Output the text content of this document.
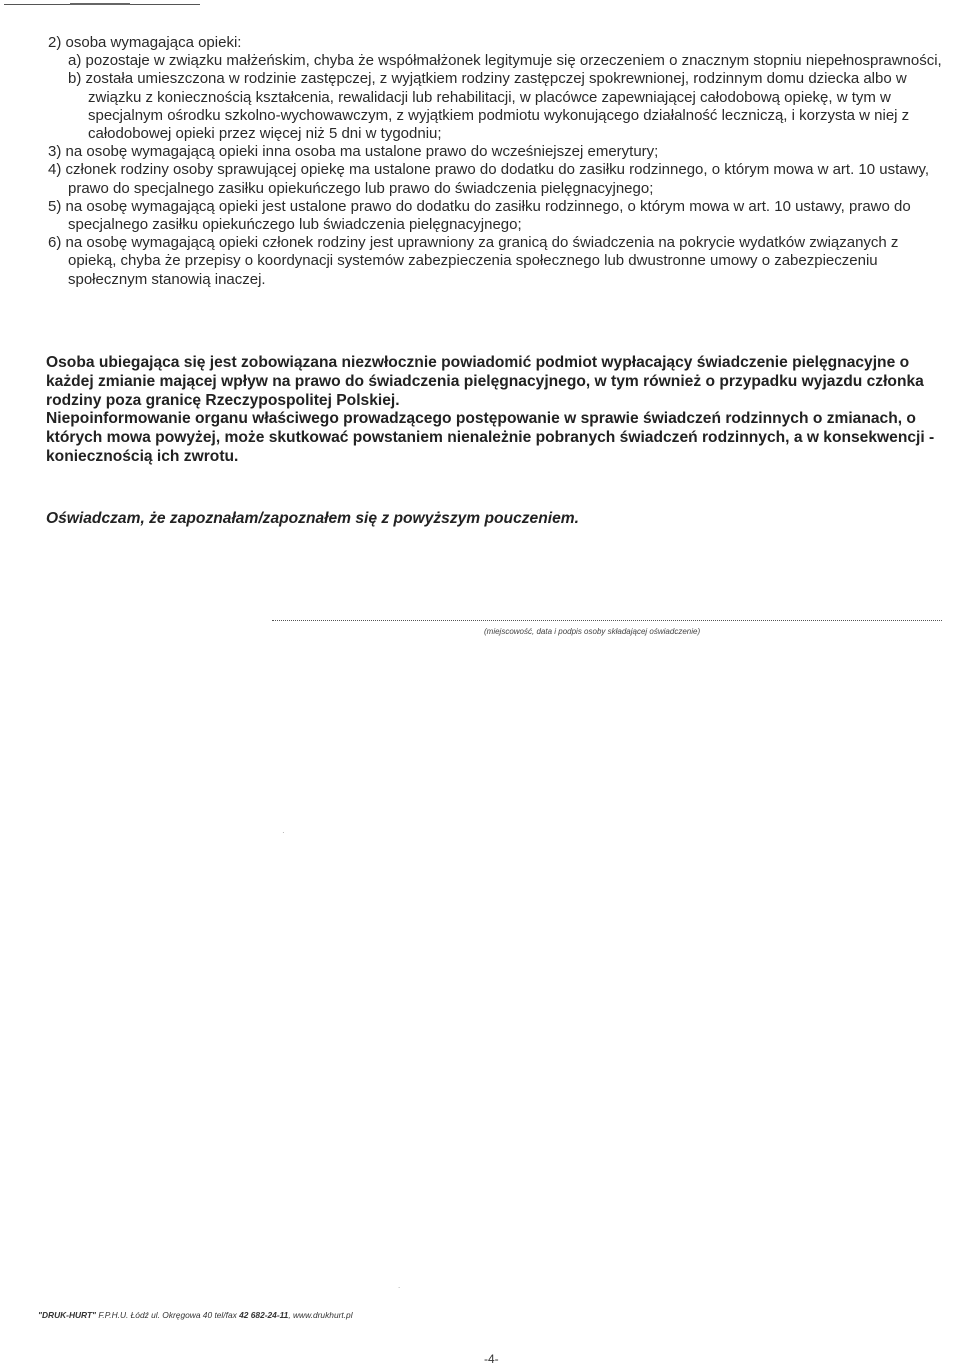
2) osoba wymagająca opieki:
a) pozostaje w związku małżeńskim, chyba że współmałżonek legitymuje się orzeczeniem o znacznym stopniu niepełnosprawności,
b) została umieszczona w rodzinie zastępczej, z wyjątkiem rodziny zastępczej spokrewnionej, rodzinnym domu dziecka albo w związku z koniecznością kształcenia, rewalidacji lub rehabilitacji, w placówce zapewniającej całodobową opiekę, w tym w specjalnym ośrodku szkolno-wychowawczym, z wyjątkiem podmiotu wykonującego działalność leczniczą, i korzysta w niej z całodobowej opieki przez więcej niż 5 dni w tygodniu;
3) na osobę wymagającą opieki inna osoba ma ustalone prawo do wcześniejszej emerytury;
4) członek rodziny osoby sprawującej opiekę ma ustalone prawo do dodatku do zasiłku rodzinnego, o którym mowa w art. 10 ustawy, prawo do specjalnego zasiłku opiekuńczego lub prawo do świadczenia pielęgnacyjnego;
5) na osobę wymagającą opieki jest ustalone prawo do dodatku do zasiłku rodzinnego, o którym mowa w art. 10 ustawy, prawo do specjalnego zasiłku opiekuńczego lub świadczenia pielęgnacyjnego;
6) na osobę wymagającą opieki członek rodziny jest uprawniony za granicą do świadczenia na pokrycie wydatków związanych z opieką, chyba że przepisy o koordynacji systemów zabezpieczenia społecznego lub dwustronne umowy o zabezpieczeniu społecznym stanowią inaczej.

Osoba ubiegająca się jest zobowiązana niezwłocznie powiadomić podmiot wypłacający świadczenie pielęgnacyjne o każdej zmianie mającej wpływ na prawo do świadczenia pielęgnacyjnego, w tym również o przypadku wyjazdu członka rodziny poza granicę Rzeczypospolitej Polskiej.

Niepoinformowanie organu właściwego prowadzącego postępowanie w sprawie świadczeń rodzinnych o zmianach, o których mowa powyżej, może skutkować powstaniem nienależnie pobranych świadczeń rodzinnych, a w konsekwencji - koniecznością ich zwrotu.

Oświadczam, że zapoznałam/zapoznałem się z powyższym pouczeniem.
(miejscowość, data i podpis osoby składającej oświadczenie)
·
.
"DRUK-HURT" F.P.H.U. Łódź ul. Okręgowa 40 tel/fax 42 682-24-11, www.drukhurt.pl
-4-
